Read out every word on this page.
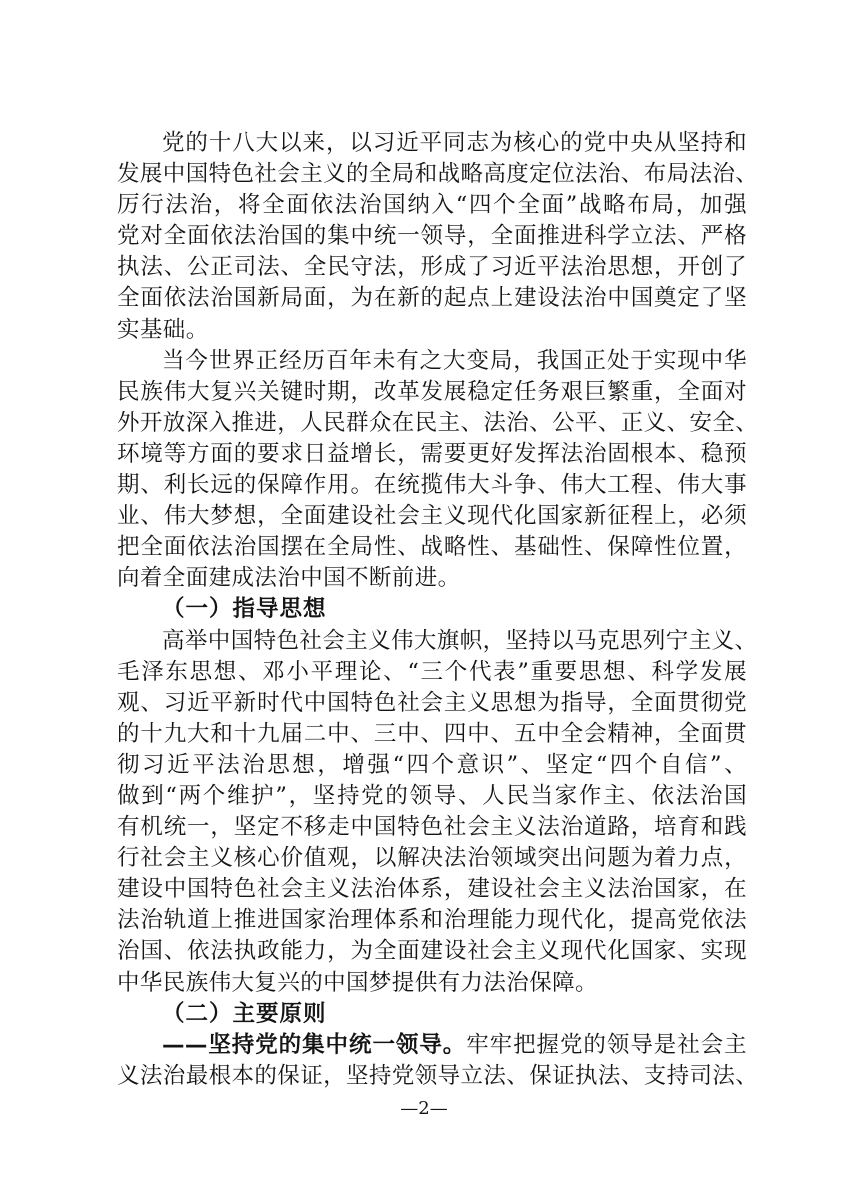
党的十八大以来，以习近平同志为核心的党中央从坚持和
发展中国特色社会主义的全局和战略高度定位法治、布局法治、
厉行法治，将全面依法治国纳入“四个全面”战略布局，加强
党对全面依法治国的集中统一领导，全面推进科学立法、严格
执法、公正司法、全民守法，形成了习近平法治思想，开创了
全面依法治国新局面，为在新的起点上建设法治中国奠定了坚
实基础。
当今世界正经历百年未有之大变局，我国正处于实现中华
民族伟大复兴关键时期，改革发展稳定任务艰巨繁重，全面对
外开放深入推进，人民群众在民主、法治、公平、正义、安全、
环境等方面的要求日益增长，需要更好发挥法治固根本、稳预
期、利长远的保障作用。在统揽伟大斗争、伟大工程、伟大事
业、伟大梦想，全面建设社会主义现代化国家新征程上，必须
把全面依法治国摆在全局性、战略性、基础性、保障性位置，
向着全面建成法治中国不断前进。
（一）指导思想
高举中国特色社会主义伟大旗帜，坚持以马克思列宁主义、
毛泽东思想、邓小平理论、“三个代表”重要思想、科学发展
观、习近平新时代中国特色社会主义思想为指导，全面贯彻党
的十九大和十九届二中、三中、四中、五中全会精神，全面贯
彻习近平法治思想，增强“四个意识”、坚定“四个自信”、
做到“两个维护”，坚持党的领导、人民当家作主、依法治国
有机统一，坚定不移走中国特色社会主义法治道路，培育和践
行社会主义核心价值观，以解决法治领域突出问题为着力点，
建设中国特色社会主义法治体系，建设社会主义法治国家，在
法治轨道上推进国家治理体系和治理能力现代化，提高党依法
治国、依法执政能力，为全面建设社会主义现代化国家、实现
中华民族伟大复兴的中国梦提供有力法治保障。
（二）主要原则
——坚持党的集中统一领导。牢牢把握党的领导是社会主
义法治最根本的保证，坚持党领导立法、保证执法、支持司法、
—2—
